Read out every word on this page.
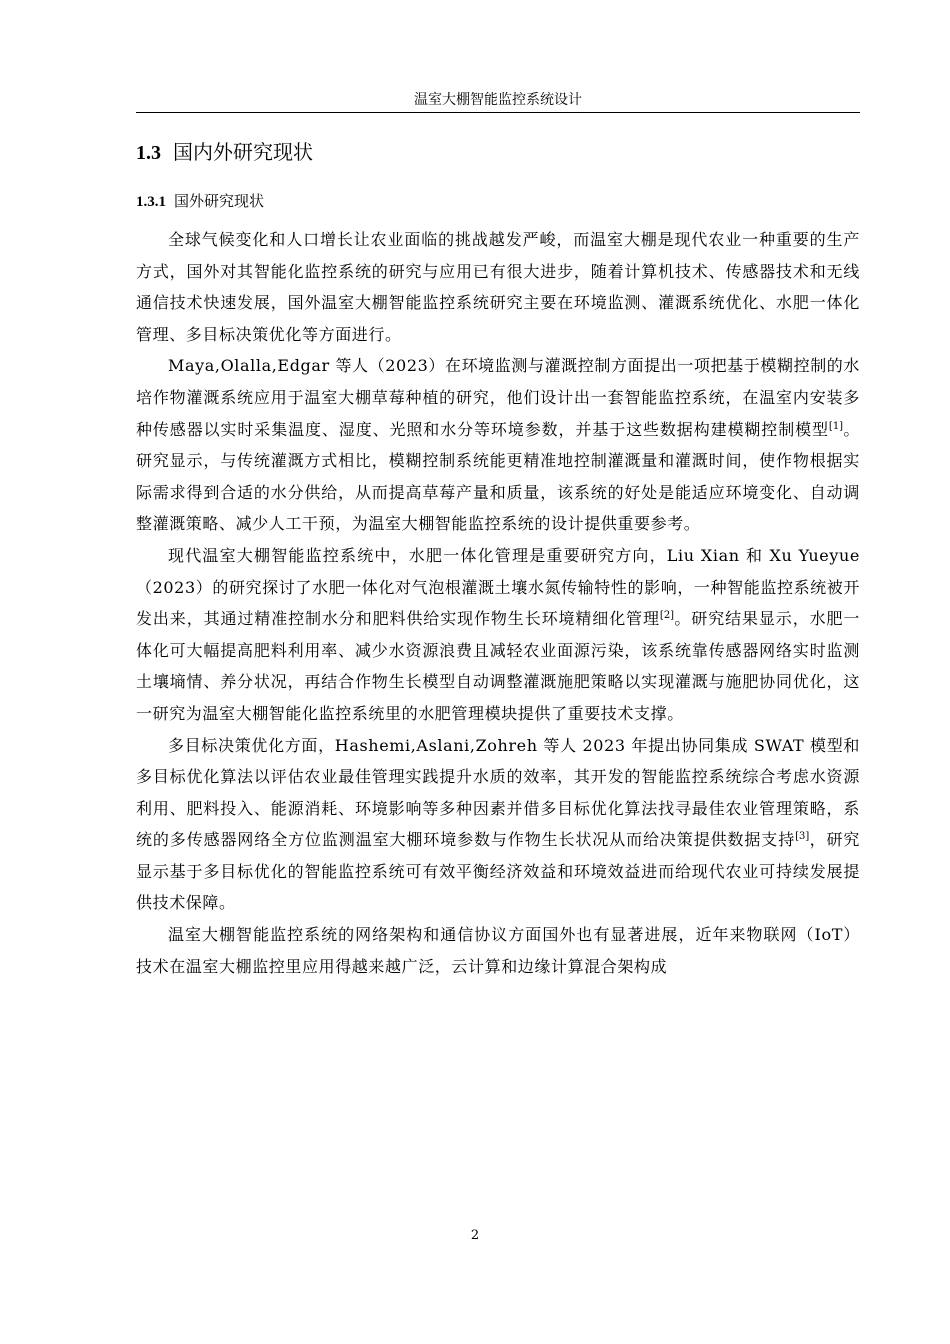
温室大棚智能监控系统设计
1.3 国内外研究现状
1.3.1 国外研究现状

全球气候变化和人口增长让农业面临的挑战越发严峻，而温室大棚是现代农业一种重要的生产方式，国外对其智能化监控系统的研究与应用已有很大进步，随着计算机技术、传感器技术和无线通信技术快速发展，国外温室大棚智能监控系统研究主要在环境监测、灌溉系统优化、水肥一体化管理、多目标决策优化等方面进行。

Maya,Olalla,Edgar 等人（2023）在环境监测与灌溉控制方面提出一项把基于模糊控制的水培作物灌溉系统应用于温室大棚草莓种植的研究，他们设计出一套智能监控系统，在温室内安装多种传感器以实时采集温度、湿度、光照和水分等环境参数，并基于这些数据构建模糊控制模型[1]。研究显示，与传统灌溉方式相比，模糊控制系统能更精准地控制灌溉量和灌溉时间，使作物根据实际需求得到合适的水分供给，从而提高草莓产量和质量，该系统的好处是能适应环境变化、自动调整灌溉策略、减少人工干预，为温室大棚智能监控系统的设计提供重要参考。

现代温室大棚智能监控系统中，水肥一体化管理是重要研究方向，Liu Xian 和 Xu Yueyue（2023）的研究探讨了水肥一体化对气泡根灌溉土壤水氮传输特性的影响，一种智能监控系统被开发出来，其通过精准控制水分和肥料供给实现作物生长环境精细化管理[2]。研究结果显示，水肥一体化可大幅提高肥料利用率、减少水资源浪费且减轻农业面源污染，该系统靠传感器网络实时监测土壤墒情、养分状况，再结合作物生长模型自动调整灌溉施肥策略以实现灌溉与施肥协同优化，这一研究为温室大棚智能化监控系统里的水肥管理模块提供了重要技术支撑。

多目标决策优化方面，Hashemi,Aslani,Zohreh 等人 2023 年提出协同集成 SWAT 模型和多目标优化算法以评估农业最佳管理实践提升水质的效率，其开发的智能监控系统综合考虑水资源利用、肥料投入、能源消耗、环境影响等多种因素并借多目标优化算法找寻最佳农业管理策略，系统的多传感器网络全方位监测温室大棚环境参数与作物生长状况从而给决策提供数据支持[3]，研究显示基于多目标优化的智能监控系统可有效平衡经济效益和环境效益进而给现代农业可持续发展提供技术保障。

温室大棚智能监控系统的网络架构和通信协议方面国外也有显著进展，近年来物联网（IoT）技术在温室大棚监控里应用得越来越广泛，云计算和边缘计算混合架构成

2
